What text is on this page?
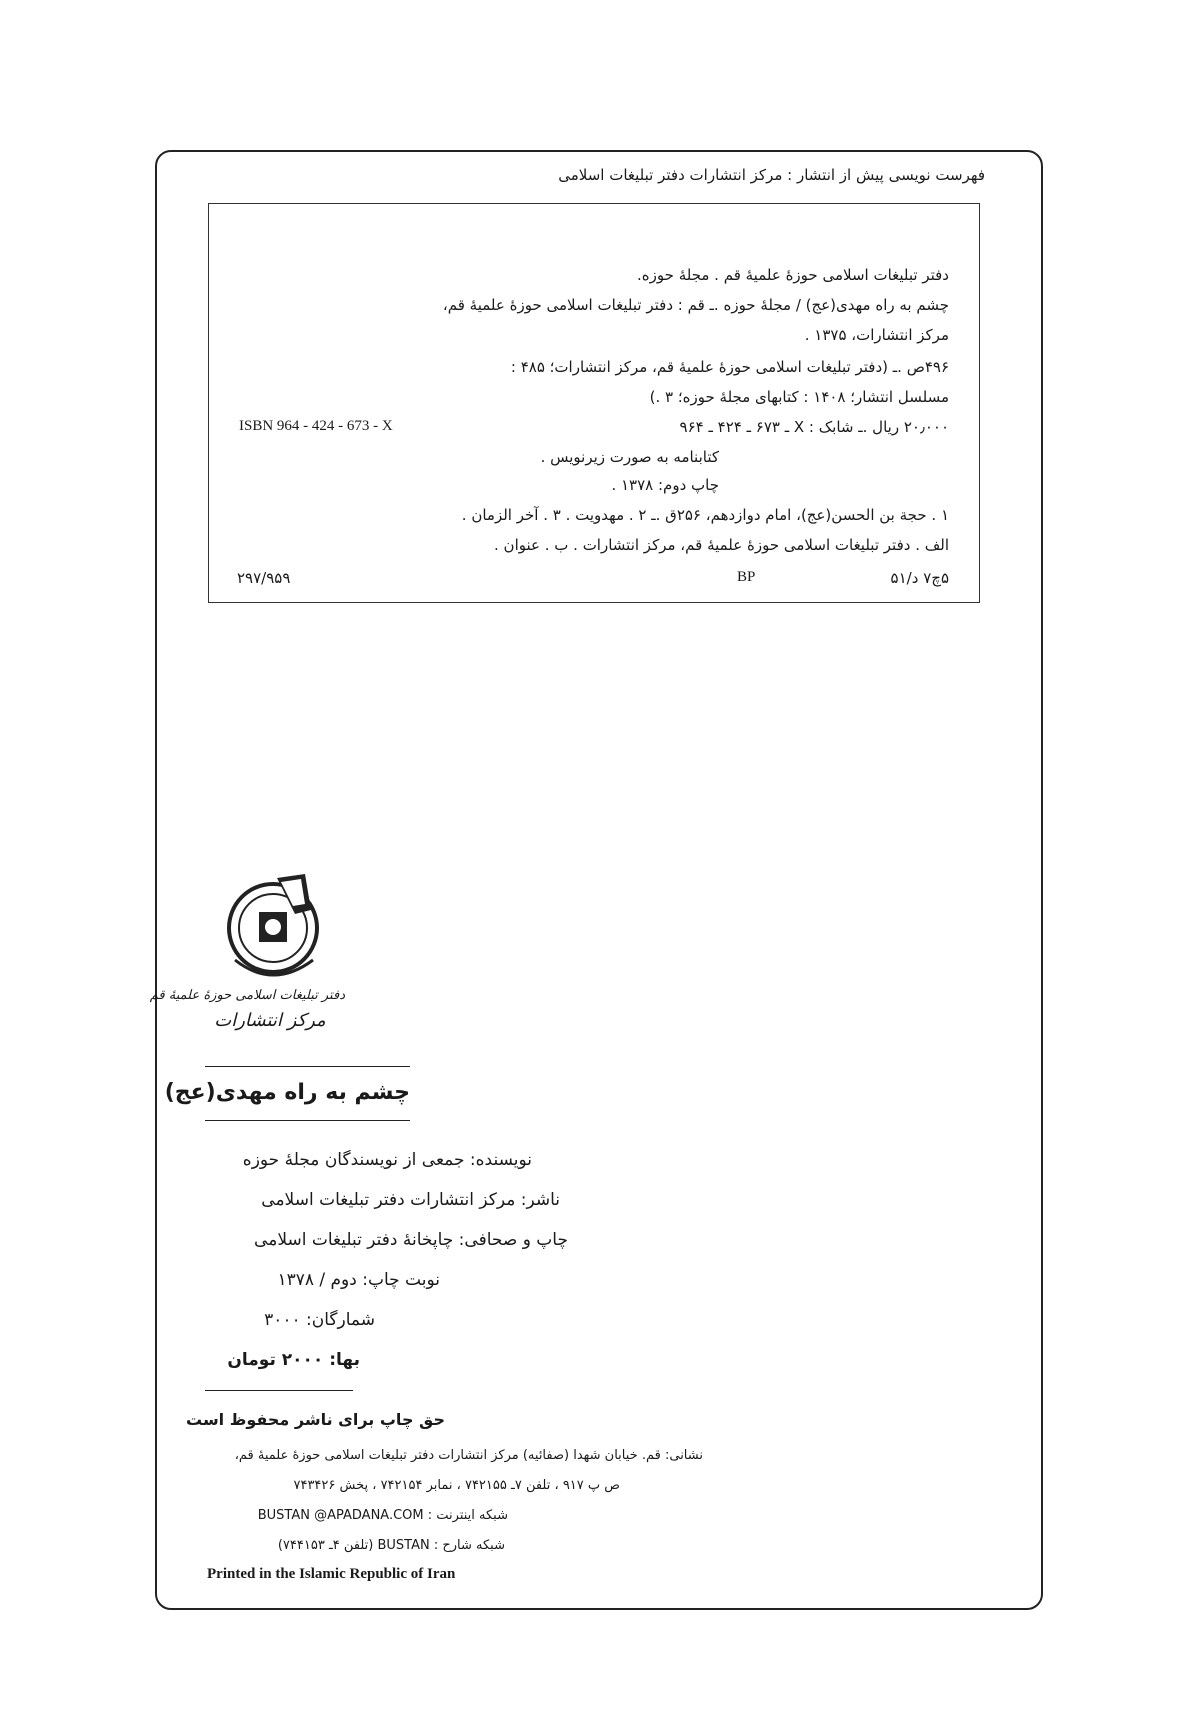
فهرست نویسی پیش از انتشار : مرکز انتشارات دفتر تبلیغات اسلامی
دفتر تبلیغات اسلامی حوزهٔ علمیهٔ قم . مجلهٔ حوزه.
چشم به راه مهدی(عج) / مجلهٔ حوزه .ـ قم : دفتر تبلیغات اسلامی حوزهٔ علمیهٔ قم،
مرکز انتشارات، ۱۳۷۵ .
۴۹۶ص .ـ (دفتر تبلیغات اسلامی حوزهٔ علمیهٔ قم، مرکز انتشارات؛ ۴۸۵ :
مسلسل انتشار؛ ۱۴۰۸ : کتابهای مجلهٔ حوزه؛ ۳ .)
۲۰٫۰۰۰ ریال .ـ شابک : X ـ ۶۷۳ ـ ۴۲۴ ـ ۹۶۴
ISBN 964 - 424 - 673 - X
کتابنامه به صورت زیرنویس .
چاپ دوم: ۱۳۷۸ .
۱ . حجة بن الحسن(عج)، امام دوازدهم، ۲۵۶ق .ـ ۲ . مهدویت . ۳ . آخر الزمان .
الف . دفتر تبلیغات اسلامی حوزهٔ علمیهٔ قم، مرکز انتشارات . ب . عنوان .
۵چ۷ د/۵۱
BP
۲۹۷/۹۵۹
دفتر تبلیغات اسلامی حوزهٔ علمیهٔ قم
مرکز انتشارات
چشم به راه مهدی(عج)
نویسنده: جمعی از نویسندگان مجلهٔ حوزه
ناشر: مرکز انتشارات دفتر تبلیغات اسلامی
چاپ و صحافی: چاپخانهٔ دفتر تبلیغات اسلامی
نوبت چاپ: دوم / ۱۳۷۸
شمارگان: ۳۰۰۰
بها: ۲۰۰۰ تومان
حق چاپ برای ناشر محفوظ است
نشانی: قم. خیابان شهدا (صفائیه) مرکز انتشارات دفتر تبلیغات اسلامی حوزهٔ علمیهٔ قم،
ص پ ۹۱۷ ، تلفن ۷ـ ۷۴۲۱۵۵ ، نمابر ۷۴۲۱۵۴ ، پخش ۷۴۳۴۲۶
شبکه اینترنت : BUSTAN @APADANA.COM
شبکه شارح : BUSTAN (تلفن ۴ـ ۷۴۴۱۵۳)
Printed in the Islamic Republic of Iran
